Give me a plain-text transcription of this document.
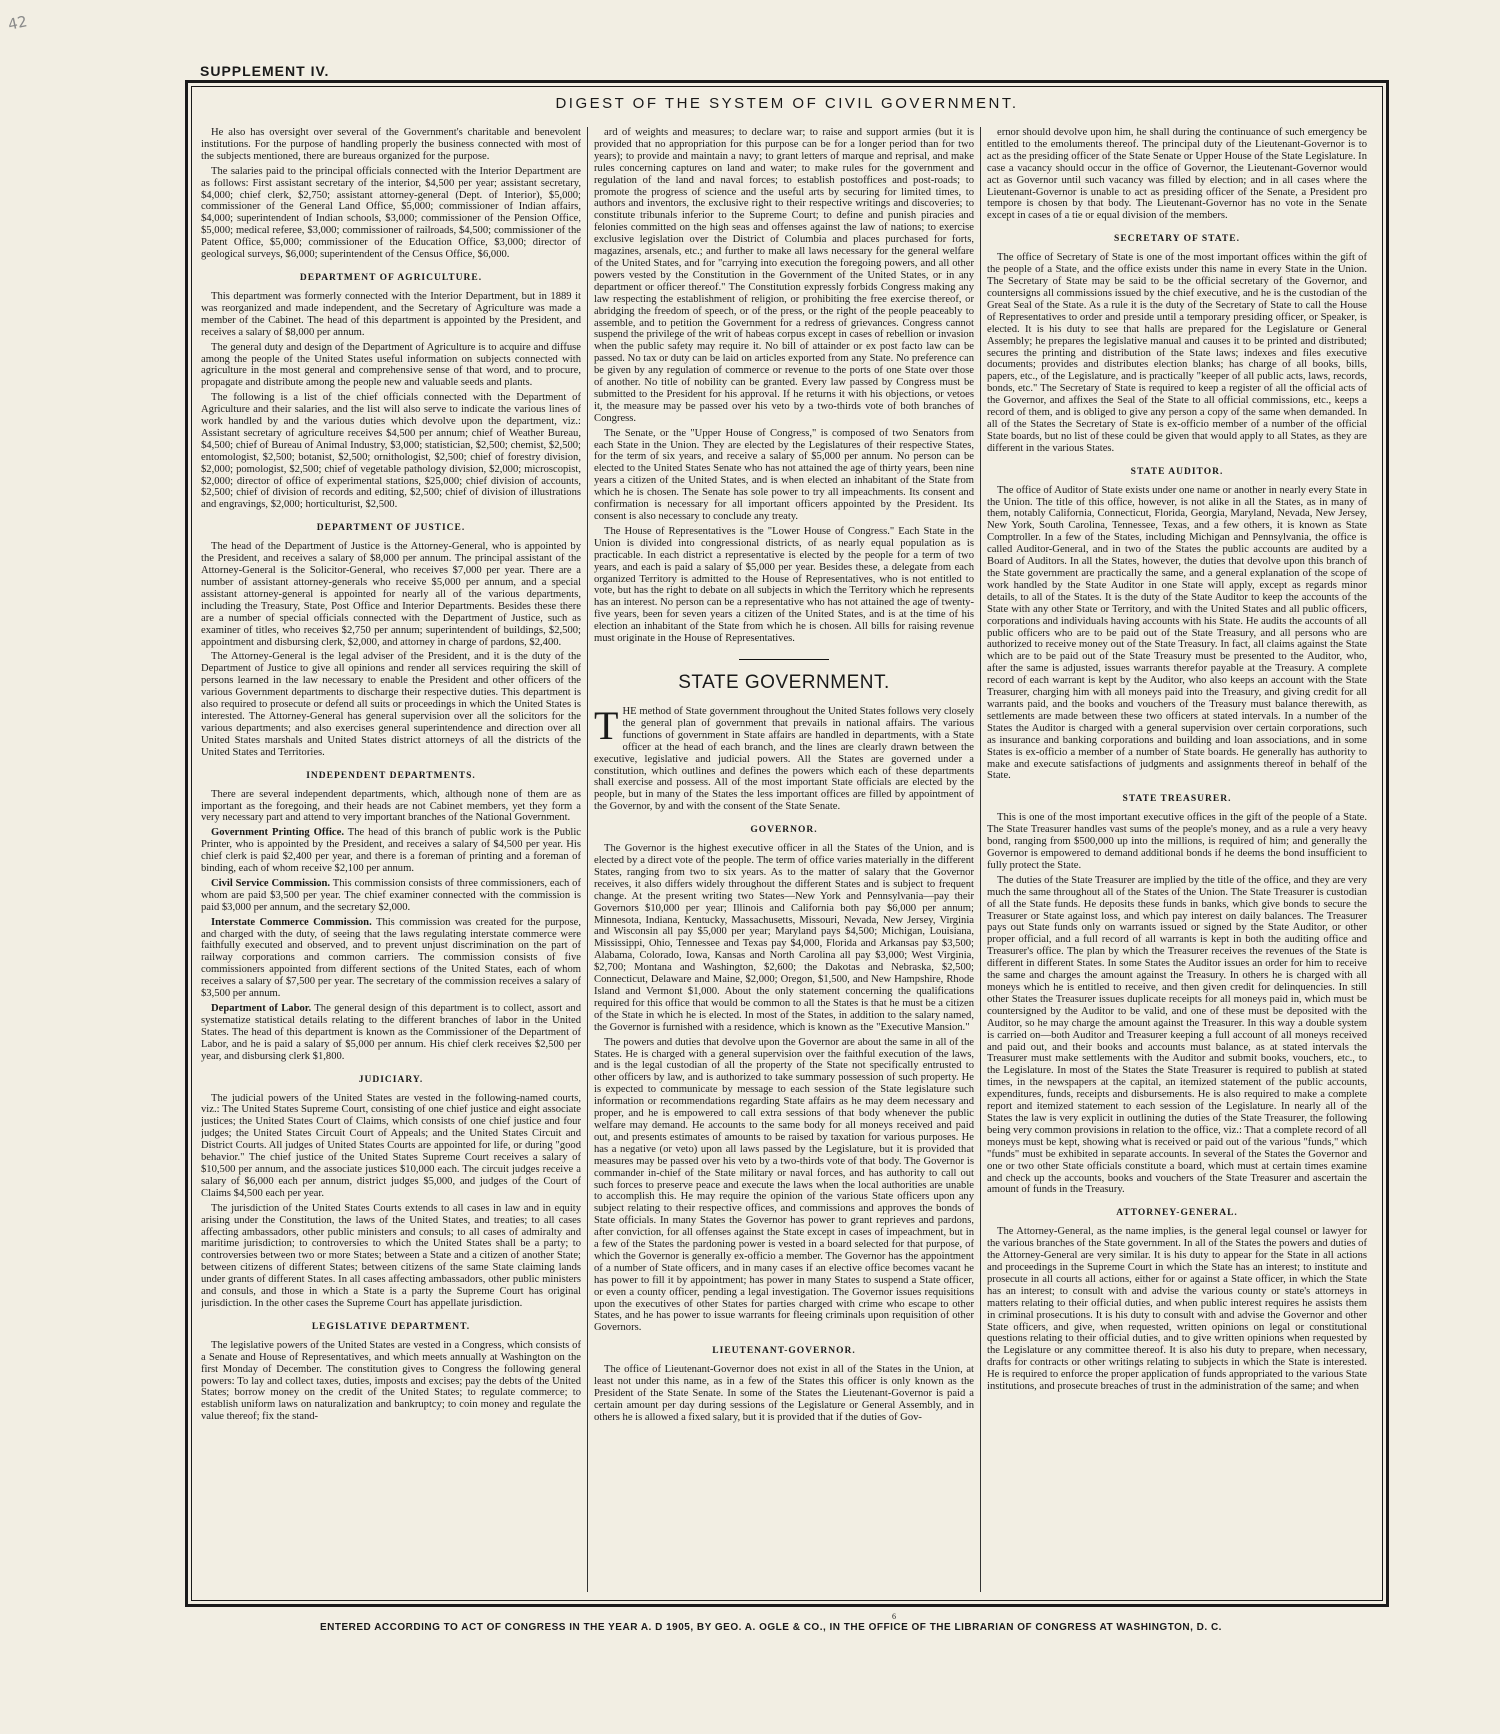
42
SUPPLEMENT IV.
DIGEST OF THE SYSTEM OF CIVIL GOVERNMENT.

He also has oversight over several of the Government's charitable and benevolent institutions. For the purpose of handling properly the business connected with most of the subjects mentioned, there are bureaus organized for the purpose.

The salaries paid to the principal officials connected with the Interior Department are as follows: First assistant secretary of the interior, $4,500 per year; assistant secretary, $4,000; chief clerk, $2,750; assistant attorney-general (Dept. of Interior), $5,000; commissioner of the General Land Office, $5,000; commissioner of Indian affairs, $4,000; superintendent of Indian schools, $3,000; commissioner of the Pension Office, $5,000; medical referee, $3,000; commissioner of railroads, $4,500; commissioner of the Patent Office, $5,000; commissioner of the Education Office, $3,000; director of geological surveys, $6,000; superintendent of the Census Office, $6,000.

DEPARTMENT OF AGRICULTURE.

This department was formerly connected with the Interior Department, but in 1889 it was reorganized and made independent, and the Secretary of Agriculture was made a member of the Cabinet. The head of this department is appointed by the President, and receives a salary of $8,000 per annum.

The general duty and design of the Department of Agriculture is to acquire and diffuse among the people of the United States useful information on subjects connected with agriculture in the most general and comprehensive sense of that word, and to procure, propagate and distribute among the people new and valuable seeds and plants.

The following is a list of the chief officials connected with the Department of Agriculture and their salaries, and the list will also serve to indicate the various lines of work handled by and the various duties which devolve upon the department, viz.: Assistant secretary of agriculture receives $4,500 per annum; chief of Weather Bureau, $4,500; chief of Bureau of Animal Industry, $3,000; statistician, $2,500; chemist, $2,500; entomologist, $2,500; botanist, $2,500; ornithologist, $2,500; chief of forestry division, $2,000; pomologist, $2,500; chief of vegetable pathology division, $2,000; microscopist, $2,000; director of office of experimental stations, $25,000; chief division of accounts, $2,500; chief of division of records and editing, $2,500; chief of division of illustrations and engravings, $2,000; horticulturist, $2,500.

DEPARTMENT OF JUSTICE.

The head of the Department of Justice is the Attorney-General, who is appointed by the President, and receives a salary of $8,000 per annum. The principal assistant of the Attorney-General is the Solicitor-General, who receives $7,000 per year. There are a number of assistant attorney-generals who receive $5,000 per annum, and a special assistant attorney-general is appointed for nearly all of the various departments, including the Treasury, State, Post Office and Interior Departments. Besides these there are a number of special officials connected with the Department of Justice, such as examiner of titles, who receives $2,750 per annum; superintendent of buildings, $2,500; appointment and disbursing clerk, $2,000, and attorney in charge of pardons, $2,400.

The Attorney-General is the legal adviser of the President, and it is the duty of the Department of Justice to give all opinions and render all services requiring the skill of persons learned in the law necessary to enable the President and other officers of the various Government departments to discharge their respective duties. This department is also required to prosecute or defend all suits or proceedings in which the United States is interested. The Attorney-General has general supervision over all the solicitors for the various departments; and also exercises general superintendence and direction over all United States marshals and United States district attorneys of all the districts of the United States and Territories.

INDEPENDENT DEPARTMENTS.

There are several independent departments, which, although none of them are as important as the foregoing, and their heads are not Cabinet members, yet they form a very necessary part and attend to very important branches of the National Government.

Government Printing Office. The head of this branch of public work is the Public Printer, who is appointed by the President, and receives a salary of $4,500 per year. His chief clerk is paid $2,400 per year, and there is a foreman of printing and a foreman of binding, each of whom receive $2,100 per annum.

Civil Service Commission. This commission consists of three commissioners, each of whom are paid $3,500 per year. The chief examiner connected with the commission is paid $3,000 per annum, and the secretary $2,000.

Interstate Commerce Commission. This commission was created for the purpose, and charged with the duty, of seeing that the laws regulating interstate commerce were faithfully executed and observed, and to prevent unjust discrimination on the part of railway corporations and common carriers. The commission consists of five commissioners appointed from different sections of the United States, each of whom receives a salary of $7,500 per year. The secretary of the commission receives a salary of $3,500 per annum.

Department of Labor. The general design of this department is to collect, assort and systematize statistical details relating to the different branches of labor in the United States. The head of this department is known as the Commissioner of the Department of Labor, and he is paid a salary of $5,000 per annum. His chief clerk receives $2,500 per year, and disbursing clerk $1,800.

JUDICIARY.

The judicial powers of the United States are vested in the following-named courts, viz.: The United States Supreme Court, consisting of one chief justice and eight associate justices; the United States Court of Claims, which consists of one chief justice and four judges; the United States Circuit Court of Appeals; and the United States Circuit and District Courts. All judges of United States Courts are appointed for life, or during "good behavior." The chief justice of the United States Supreme Court receives a salary of $10,500 per annum, and the associate justices $10,000 each. The circuit judges receive a salary of $6,000 each per annum, district judges $5,000, and judges of the Court of Claims $4,500 each per year.

The jurisdiction of the United States Courts extends to all cases in law and in equity arising under the Constitution, the laws of the United States, and treaties; to all cases affecting ambassadors, other public ministers and consuls; to all cases of admiralty and maritime jurisdiction; to controversies to which the United States shall be a party; to controversies between two or more States; between a State and a citizen of another State; between citizens of different States; between citizens of the same State claiming lands under grants of different States. In all cases affecting ambassadors, other public ministers and consuls, and those in which a State is a party the Supreme Court has original jurisdiction. In the other cases the Supreme Court has appellate jurisdiction.

LEGISLATIVE DEPARTMENT.

The legislative powers of the United States are vested in a Congress, which consists of a Senate and House of Representatives, and which meets annually at Washington on the first Monday of December. The constitution gives to Congress the following general powers: To lay and collect taxes, duties, imposts and excises; pay the debts of the United States; borrow money on the credit of the United States; to regulate commerce; to establish uniform laws on naturalization and bankruptcy; to coin money and regulate the value thereof; fix the stand-

ard of weights and measures; to declare war; to raise and support armies (but it is provided that no appropriation for this purpose can be for a longer period than for two years); to provide and maintain a navy; to grant letters of marque and reprisal, and make rules concerning captures on land and water; to make rules for the government and regulation of the land and naval forces; to establish postoffices and post-roads; to promote the progress of science and the useful arts by securing for limited times, to authors and inventors, the exclusive right to their respective writings and discoveries; to constitute tribunals inferior to the Supreme Court; to define and punish piracies and felonies committed on the high seas and offenses against the law of nations; to exercise exclusive legislation over the District of Columbia and places purchased for forts, magazines, arsenals, etc.; and further to make all laws necessary for the general welfare of the United States, and for "carrying into execution the foregoing powers, and all other powers vested by the Constitution in the Government of the United States, or in any department or officer thereof." The Constitution expressly forbids Congress making any law respecting the establishment of religion, or prohibiting the free exercise thereof, or abridging the freedom of speech, or of the press, or the right of the people peaceably to assemble, and to petition the Government for a redress of grievances. Congress cannot suspend the privilege of the writ of habeas corpus except in cases of rebellion or invasion when the public safety may require it. No bill of attainder or ex post facto law can be passed. No tax or duty can be laid on articles exported from any State. No preference can be given by any regulation of commerce or revenue to the ports of one State over those of another. No title of nobility can be granted. Every law passed by Congress must be submitted to the President for his approval. If he returns it with his objections, or vetoes it, the measure may be passed over his veto by a two-thirds vote of both branches of Congress.

The Senate, or the "Upper House of Congress," is composed of two Senators from each State in the Union. They are elected by the Legislatures of their respective States, for the term of six years, and receive a salary of $5,000 per annum. No person can be elected to the United States Senate who has not attained the age of thirty years, been nine years a citizen of the United States, and is when elected an inhabitant of the State from which he is chosen. The Senate has sole power to try all impeachments. Its consent and confirmation is necessary for all important officers appointed by the President. Its consent is also necessary to conclude any treaty.

The House of Representatives is the "Lower House of Congress." Each State in the Union is divided into congressional districts, of as nearly equal population as is practicable. In each district a representative is elected by the people for a term of two years, and each is paid a salary of $5,000 per year. Besides these, a delegate from each organized Territory is admitted to the House of Representatives, who is not entitled to vote, but has the right to debate on all subjects in which the Territory which he represents has an interest. No person can be a representative who has not attained the age of twenty-five years, been for seven years a citizen of the United States, and is at the time of his election an inhabitant of the State from which he is chosen. All bills for raising revenue must originate in the House of Representatives.

STATE GOVERNMENT.

THE method of State government throughout the United States follows very closely the general plan of government that prevails in national affairs. The various functions of government in State affairs are handled in departments, with a State officer at the head of each branch, and the lines are clearly drawn between the executive, legislative and judicial powers. All the States are governed under a constitution, which outlines and defines the powers which each of these departments shall exercise and possess. All of the most important State officials are elected by the people, but in many of the States the less important offices are filled by appointment of the Governor, by and with the consent of the State Senate.

GOVERNOR.

The Governor is the highest executive officer in all the States of the Union, and is elected by a direct vote of the people. The term of office varies materially in the different States, ranging from two to six years. As to the matter of salary that the Governor receives, it also differs widely throughout the different States and is subject to frequent change. At the present writing two States—New York and Pennsylvania—pay their Governors $10,000 per year; Illinois and California both pay $6,000 per annum; Minnesota, Indiana, Kentucky, Massachusetts, Missouri, Nevada, New Jersey, Virginia and Wisconsin all pay $5,000 per year; Maryland pays $4,500; Michigan, Louisiana, Mississippi, Ohio, Tennessee and Texas pay $4,000, Florida and Arkansas pay $3,500; Alabama, Colorado, Iowa, Kansas and North Carolina all pay $3,000; West Virginia, $2,700; Montana and Washington, $2,600; the Dakotas and Nebraska, $2,500; Connecticut, Delaware and Maine, $2,000; Oregon, $1,500, and New Hampshire, Rhode Island and Vermont $1,000. About the only statement concerning the qualifications required for this office that would be common to all the States is that he must be a citizen of the State in which he is elected. In most of the States, in addition to the salary named, the Governor is furnished with a residence, which is known as the "Executive Mansion."

The powers and duties that devolve upon the Governor are about the same in all of the States. He is charged with a general supervision over the faithful execution of the laws, and is the legal custodian of all the property of the State not specifically entrusted to other officers by law, and is authorized to take summary possession of such property. He is expected to communicate by message to each session of the State legislature such information or recommendations regarding State affairs as he may deem necessary and proper, and he is empowered to call extra sessions of that body whenever the public welfare may demand. He accounts to the same body for all moneys received and paid out, and presents estimates of amounts to be raised by taxation for various purposes. He has a negative (or veto) upon all laws passed by the Legislature, but it is provided that measures may be passed over his veto by a two-thirds vote of that body. The Governor is commander in-chief of the State military or naval forces, and has authority to call out such forces to preserve peace and execute the laws when the local authorities are unable to accomplish this. He may require the opinion of the various State officers upon any subject relating to their respective offices, and commissions and approves the bonds of State officials. In many States the Governor has power to grant reprieves and pardons, after conviction, for all offenses against the State except in cases of impeachment, but in a few of the States the pardoning power is vested in a board selected for that purpose, of which the Governor is generally ex-officio a member. The Governor has the appointment of a number of State officers, and in many cases if an elective office becomes vacant he has power to fill it by appointment; has power in many States to suspend a State officer, or even a county officer, pending a legal investigation. The Governor issues requisitions upon the executives of other States for parties charged with crime who escape to other States, and he has power to issue warrants for fleeing criminals upon requisition of other Governors.

LIEUTENANT-GOVERNOR.

The office of Lieutenant-Governor does not exist in all of the States in the Union, at least not under this name, as in a few of the States this officer is only known as the President of the State Senate. In some of the States the Lieutenant-Governor is paid a certain amount per day during sessions of the Legislature or General Assembly, and in others he is allowed a fixed salary, but it is provided that if the duties of Gov-

ernor should devolve upon him, he shall during the continuance of such emergency be entitled to the emoluments thereof. The principal duty of the Lieutenant-Governor is to act as the presiding officer of the State Senate or Upper House of the State Legislature. In case a vacancy should occur in the office of Governor, the Lieutenant-Governor would act as Governor until such vacancy was filled by election; and in all cases where the Lieutenant-Governor is unable to act as presiding officer of the Senate, a President pro tempore is chosen by that body. The Lieutenant-Governor has no vote in the Senate except in cases of a tie or equal division of the members.

SECRETARY OF STATE.

The office of Secretary of State is one of the most important offices within the gift of the people of a State, and the office exists under this name in every State in the Union. The Secretary of State may be said to be the official secretary of the Governor, and countersigns all commissions issued by the chief executive, and he is the custodian of the Great Seal of the State. As a rule it is the duty of the Secretary of State to call the House of Representatives to order and preside until a temporary presiding officer, or Speaker, is elected. It is his duty to see that halls are prepared for the Legislature or General Assembly; he prepares the legislative manual and causes it to be printed and distributed; secures the printing and distribution of the State laws; indexes and files executive documents; provides and distributes election blanks; has charge of all books, bills, papers, etc., of the Legislature, and is practically "keeper of all public acts, laws, records, bonds, etc." The Secretary of State is required to keep a register of all the official acts of the Governor, and affixes the Seal of the State to all official commissions, etc., keeps a record of them, and is obliged to give any person a copy of the same when demanded. In all of the States the Secretary of State is ex-officio member of a number of the official State boards, but no list of these could be given that would apply to all States, as they are different in the various States.

STATE AUDITOR.

The office of Auditor of State exists under one name or another in nearly every State in the Union. The title of this office, however, is not alike in all the States, as in many of them, notably California, Connecticut, Florida, Georgia, Maryland, Nevada, New Jersey, New York, South Carolina, Tennessee, Texas, and a few others, it is known as State Comptroller. In a few of the States, including Michigan and Pennsylvania, the office is called Auditor-General, and in two of the States the public accounts are audited by a Board of Auditors. In all the States, however, the duties that devolve upon this branch of the State government are practically the same, and a general explanation of the scope of work handled by the State Auditor in one State will apply, except as regards minor details, to all of the States. It is the duty of the State Auditor to keep the accounts of the State with any other State or Territory, and with the United States and all public officers, corporations and individuals having accounts with his State. He audits the accounts of all public officers who are to be paid out of the State Treasury, and all persons who are authorized to receive money out of the State Treasury. In fact, all claims against the State which are to be paid out of the State Treasury must be presented to the Auditor, who, after the same is adjusted, issues warrants therefor payable at the Treasury. A complete record of each warrant is kept by the Auditor, who also keeps an account with the State Treasurer, charging him with all moneys paid into the Treasury, and giving credit for all warrants paid, and the books and vouchers of the Treasury must balance therewith, as settlements are made between these two officers at stated intervals. In a number of the States the Auditor is charged with a general supervision over certain corporations, such as insurance and banking corporations and building and loan associations, and in some States is ex-officio a member of a number of State boards. He generally has authority to make and execute satisfactions of judgments and assignments thereof in behalf of the State.

STATE TREASURER.

This is one of the most important executive offices in the gift of the people of a State. The State Treasurer handles vast sums of the people's money, and as a rule a very heavy bond, ranging from $500,000 up into the millions, is required of him; and generally the Governor is empowered to demand additional bonds if he deems the bond insufficient to fully protect the State.

The duties of the State Treasurer are implied by the title of the office, and they are very much the same throughout all of the States of the Union. The State Treasurer is custodian of all the State funds. He deposits these funds in banks, which give bonds to secure the Treasurer or State against loss, and which pay interest on daily balances. The Treasurer pays out State funds only on warrants issued or signed by the State Auditor, or other proper official, and a full record of all warrants is kept in both the auditing office and Treasurer's office. The plan by which the Treasurer receives the revenues of the State is different in different States. In some States the Auditor issues an order for him to receive the same and charges the amount against the Treasury. In others he is charged with all moneys which he is entitled to receive, and then given credit for delinquencies. In still other States the Treasurer issues duplicate receipts for all moneys paid in, which must be countersigned by the Auditor to be valid, and one of these must be deposited with the Auditor, so he may charge the amount against the Treasurer. In this way a double system is carried on—both Auditor and Treasurer keeping a full account of all moneys received and paid out, and their books and accounts must balance, as at stated intervals the Treasurer must make settlements with the Auditor and submit books, vouchers, etc., to the Legislature. In most of the States the State Treasurer is required to publish at stated times, in the newspapers at the capital, an itemized statement of the public accounts, expenditures, funds, receipts and disbursements. He is also required to make a complete report and itemized statement to each session of the Legislature. In nearly all of the States the law is very explicit in outlining the duties of the State Treasurer, the following being very common provisions in relation to the office, viz.: That a complete record of all moneys must be kept, showing what is received or paid out of the various "funds," which "funds" must be exhibited in separate accounts. In several of the States the Governor and one or two other State officials constitute a board, which must at certain times examine and check up the accounts, books and vouchers of the State Treasurer and ascertain the amount of funds in the Treasury.

ATTORNEY-GENERAL.

The Attorney-General, as the name implies, is the general legal counsel or lawyer for the various branches of the State government. In all of the States the powers and duties of the Attorney-General are very similar. It is his duty to appear for the State in all actions and proceedings in the Supreme Court in which the State has an interest; to institute and prosecute in all courts all actions, either for or against a State officer, in which the State has an interest; to consult with and advise the various county or state's attorneys in matters relating to their official duties, and when public interest requires he assists them in criminal prosecutions. It is his duty to consult with and advise the Governor and other State officers, and give, when requested, written opinions on legal or constitutional questions relating to their official duties, and to give written opinions when requested by the Legislature or any committee thereof. It is also his duty to prepare, when necessary, drafts for contracts or other writings relating to subjects in which the State is interested. He is required to enforce the proper application of funds appropriated to the various State institutions, and prosecute breaches of trust in the administration of the same; and when

6
ENTERED ACCORDING TO ACT OF CONGRESS IN THE YEAR A. D 1905, BY GEO. A. OGLE & CO., IN THE OFFICE OF THE LIBRARIAN OF CONGRESS AT WASHINGTON, D. C.
